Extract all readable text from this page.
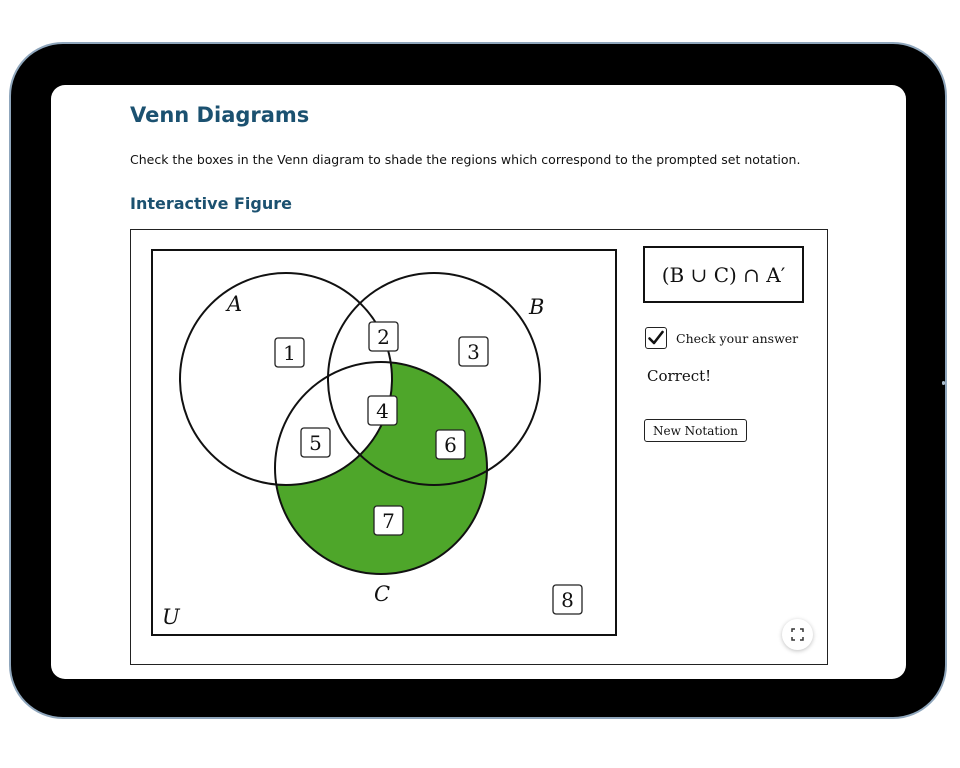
Venn Diagrams

Check the boxes in the Venn diagram to shade the regions which correspond to the prompted set notation.

Interactive Figure
A	B
C
U
1
2
3
4
5	6
7
8
(B ∪ C) ∩ A′
Check your answer
Correct!
New Notation
